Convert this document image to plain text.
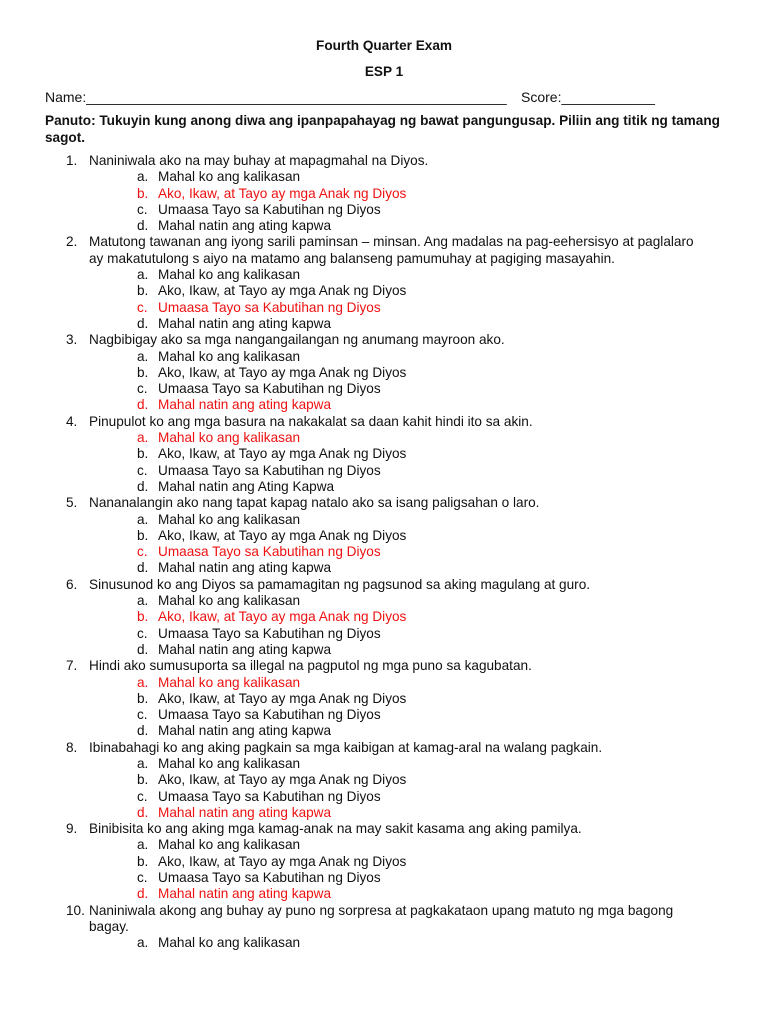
Fourth Quarter Exam
ESP 1
Name:______________________________________________________ Score:____________
Panuto: Tukuyin kung anong diwa ang ipanpapahayag ng bawat pangungusap. Piliin ang titik ng tamang sagot.
1. Naniniwala ako na may buhay at mapagmahal na Diyos.
a. Mahal ko ang kalikasan
b. Ako, Ikaw, at Tayo ay mga Anak ng Diyos
c. Umaasa Tayo sa Kabutihan ng Diyos
d. Mahal natin ang ating kapwa
2. Matutong tawanan ang iyong sarili paminsan – minsan. Ang madalas na pag-eehersisyo at paglalaro ay makatutulong s aiyo na matamo ang balanseng pamumuhay at pagiging masayahin.
a. Mahal ko ang kalikasan
b. Ako, Ikaw, at Tayo ay mga Anak ng Diyos
c. Umaasa Tayo sa Kabutihan ng Diyos
d. Mahal natin ang ating kapwa
3. Nagbibigay ako sa mga nangangailangan ng anumang mayroon ako.
a. Mahal ko ang kalikasan
b. Ako, Ikaw, at Tayo ay mga Anak ng Diyos
c. Umaasa Tayo sa Kabutihan ng Diyos
d. Mahal natin ang ating kapwa
4. Pinupulot ko ang mga basura na nakakalat sa daan kahit hindi ito sa akin.
a. Mahal ko ang kalikasan
b. Ako, Ikaw, at Tayo ay mga Anak ng Diyos
c. Umaasa Tayo sa Kabutihan ng Diyos
d. Mahal natin ang Ating Kapwa
5. Nananalangin ako nang tapat kapag natalo ako sa isang paligsahan o laro.
a. Mahal ko ang kalikasan
b. Ako, Ikaw, at Tayo ay mga Anak ng Diyos
c. Umaasa Tayo sa Kabutihan ng Diyos
d. Mahal natin ang ating kapwa
6. Sinusunod ko ang Diyos sa pamamagitan ng pagsunod sa aking magulang at guro.
a. Mahal ko ang kalikasan
b. Ako, Ikaw, at Tayo ay mga Anak ng Diyos
c. Umaasa Tayo sa Kabutihan ng Diyos
d. Mahal natin ang ating kapwa
7. Hindi ako sumusuporta sa illegal na pagputol ng mga puno sa kagubatan.
a. Mahal ko ang kalikasan
b. Ako, Ikaw, at Tayo ay mga Anak ng Diyos
c. Umaasa Tayo sa Kabutihan ng Diyos
d. Mahal natin ang ating kapwa
8. Ibinabahagi ko ang aking pagkain sa mga kaibigan at kamag-aral na walang pagkain.
a. Mahal ko ang kalikasan
b. Ako, Ikaw, at Tayo ay mga Anak ng Diyos
c. Umaasa Tayo sa Kabutihan ng Diyos
d. Mahal natin ang ating kapwa
9. Binibisita ko ang aking mga kamag-anak na may sakit kasama ang aking pamilya.
a. Mahal ko ang kalikasan
b. Ako, Ikaw, at Tayo ay mga Anak ng Diyos
c. Umaasa Tayo sa Kabutihan ng Diyos
d. Mahal natin ang ating kapwa
10. Naniniwala akong ang buhay ay puno ng sorpresa at pagkakataon upang matuto ng mga bagong bagay.
a. Mahal ko ang kalikasan
